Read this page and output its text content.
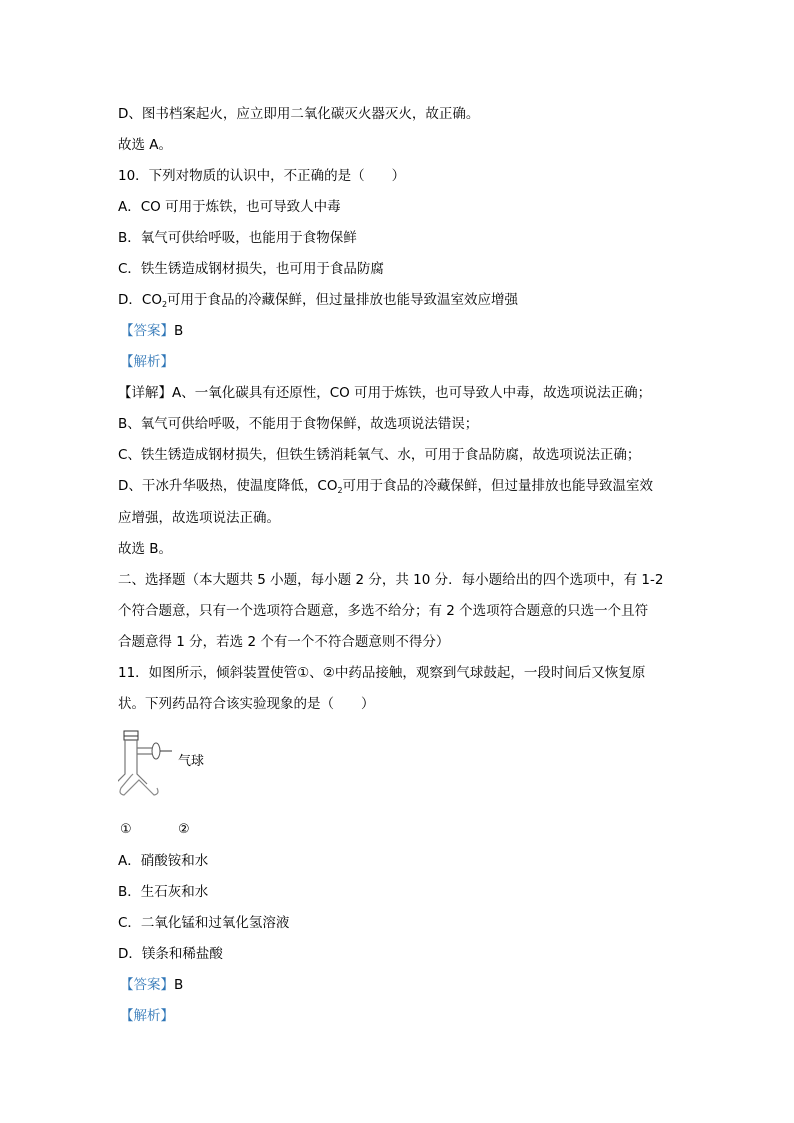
D、图书档案起火，应立即用二氧化碳灭火器灭火，故正确。
故选 A。
10．下列对物质的认识中，不正确的是（　　）
A．CO 可用于炼铁，也可导致人中毒
B．氧气可供给呼吸，也能用于食物保鲜
C．铁生锈造成钢材损失，也可用于食品防腐
D．$CO_2$可用于食品的冷藏保鲜，但过量排放也能导致温室效应增强
【答案】B
【解析】
【详解】A、一氧化碳具有还原性，CO 可用于炼铁，也可导致人中毒，故选项说法正确；
B、氧气可供给呼吸，不能用于食物保鲜，故选项说法错误；
C、铁生锈造成钢材损失，但铁生锈消耗氧气、水，可用于食品防腐，故选项说法正确；
D、干冰升华吸热，使温度降低，$CO_2$可用于食品的冷藏保鲜，但过量排放也能导致温室效
应增强，故选项说法正确。
故选 B。
二、选择题（本大题共 5 小题，每小题 2 分，共 10 分．每小题给出的四个选项中，有 1-2
个符合题意，只有一个选项符合题意，多选不给分；有 2 个选项符合题意的只选一个且符
合题意得 1 分，若选 2 个有一个不符合题意则不得分）
11．如图所示，倾斜装置使管①、②中药品接触，观察到气球鼓起，一段时间后又恢复原
状。下列药品符合该实验现象的是（　　）
气球
①	②
A．硝酸铵和水
B．生石灰和水
C．二氧化锰和过氧化氢溶液
D．镁条和稀盐酸
【答案】B
【解析】
